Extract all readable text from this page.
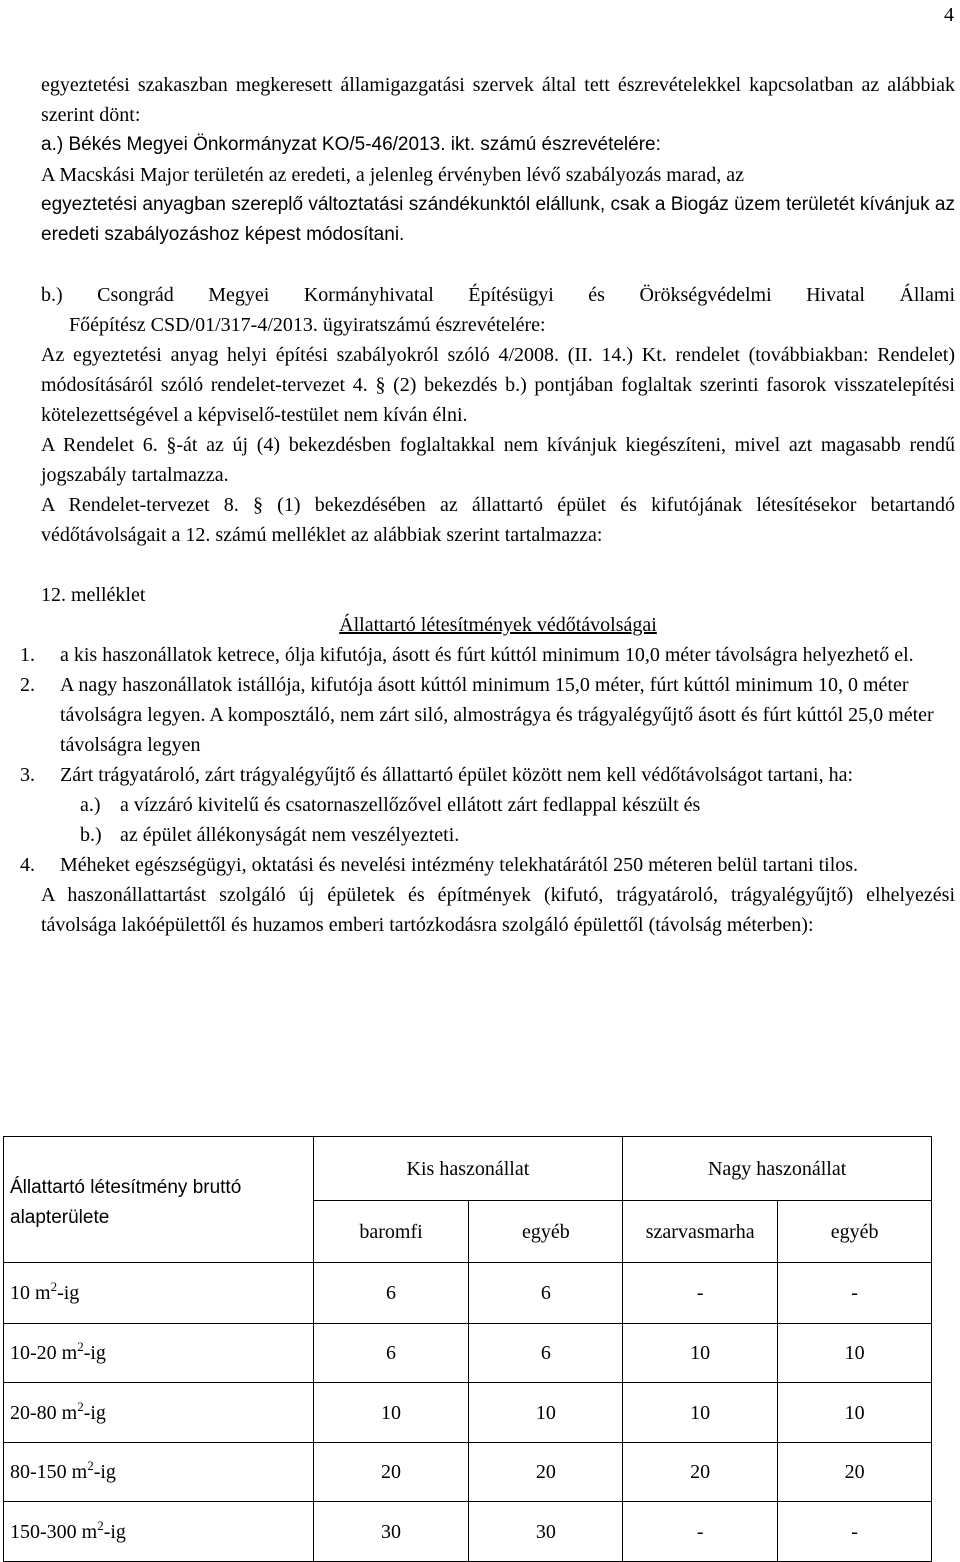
4

egyeztetési szakaszban megkeresett államigazgatási szervek által tett észrevételekkel kapcsolatban az alábbiak szerint dönt:

a.) Békés Megyei Önkormányzat KO/5-46/2013. ikt. számú észrevételére:

A Macskási Major területén az eredeti, a jelenleg érvényben lévő szabályozás marad, az

egyeztetési anyagban szereplő változtatási szándékunktól elállunk, csak a Biogáz üzem területét kívánjuk az eredeti szabályozáshoz képest módosítani.

b.) Csongrád Megyei Kormányhivatal Építésügyi és Örökségvédelmi Hivatal Állami

Főépítész CSD/01/317-4/2013. ügyiratszámú észrevételére:

Az egyeztetési anyag helyi építési szabályokról szóló 4/2008. (II. 14.) Kt. rendelet (továbbiakban: Rendelet) módosításáról szóló rendelet-tervezet 4. § (2) bekezdés b.) pontjában foglaltak szerinti fasorok visszatelepítési kötelezettségével a képviselő-testület nem kíván élni.

A Rendelet 6. §-át az új (4) bekezdésben foglaltakkal nem kívánjuk kiegészíteni, mivel azt magasabb rendű jogszabály tartalmazza.

A Rendelet-tervezet 8. § (1) bekezdésében az állattartó épület és kifutójának létesítésekor betartandó védőtávolságait a 12. számú melléklet az alábbiak szerint tartalmazza:

12. melléklet

Állattartó létesítmények védőtávolságai

1.	a kis haszonállatok ketrece, ólja kifutója, ásott és fúrt kúttól minimum 10,0 méter távolságra helyezhető el.
2.	A nagy haszonállatok istállója, kifutója ásott kúttól minimum 15,0 méter, fúrt kúttól minimum 10, 0 méter távolságra legyen. A komposztáló, nem zárt siló, almostrágya és trágyalégyűjtő ásott és fúrt kúttól 25,0 méter távolságra legyen
3.	Zárt trágyatároló, zárt trágyalégyűjtő és állattartó épület között nem kell védőtávolságot tartani, ha:
a.) a vízzáró kivitelű és csatornaszellőzővel ellátott zárt fedlappal készült és
b.) az épület állékonyságát nem veszélyezteti.
4.	Méheket egészségügyi, oktatási és nevelési intézmény telekhatárától 250 méteren belül tartani tilos.

A haszonállattartást szolgáló új épületek és építmények (kifutó, trágyatároló, trágyalégyűjtő) elhelyezési távolsága lakóépülettől és huzamos emberi tartózkodásra szolgáló épülettől (távolság méterben):

Állattartó létesítmény bruttó alapterülete	Kis haszonállat		Nagy haszonállat	
	baromfi	egyéb	szarvasmarha	egyéb
10 $m^2-ig$	6	6	-	-
10-20 $m^2-ig$	6	6	10	10
20-80 $m^2-ig$	10	10	10	10
80-150 $m^2-ig$	20	20	20	20
150-300 $m^2-ig$	30	30	-	-
